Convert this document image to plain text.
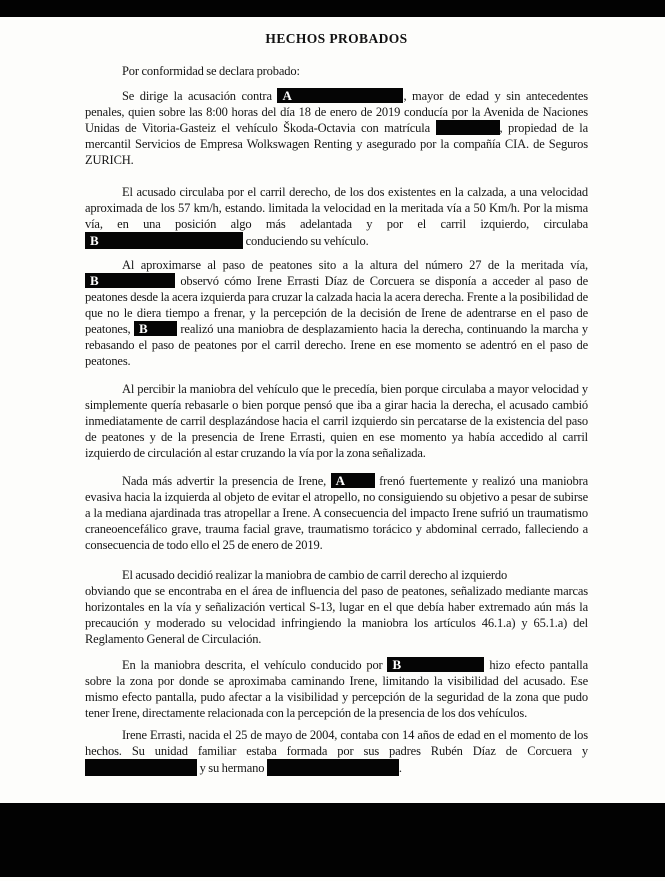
HECHOS PROBADOS

Por conformidad se declara probado:

Se dirige la acusación contra A	, mayor de edad y sin antecedentes penales, quien sobre las 8:00 horas del día 18 de enero de 2019 conducía por la Avenida de Naciones Unidas de Vitoria-Gasteiz el vehículo Škoda-Octavia con matrícula	, propiedad de la mercantil Servicios de Empresa Wolkswagen Renting y asegurado por la compañía CIA. de Seguros ZURICH.

El acusado circulaba por el carril derecho, de los dos existentes en la calzada, a una velocidad aproximada de los 57 km/h, estando. limitada la velocidad en la meritada vía a 50 Km/h. Por la misma vía, en una posición algo más adelantada y por el carril izquierdo, circulaba B	conduciendo su vehículo.

Al aproximarse al paso de peatones sito a la altura del número 27 de la meritada vía, B	observó cómo Irene Errasti Díaz de Corcuera se disponía a acceder al paso de peatones desde la acera izquierda para cruzar la calzada hacia la acera derecha. Frente a la posibilidad de que no le diera tiempo a frenar, y la percepción de la decisión de Irene de adentrarse en el paso de peatones, B realizó una maniobra de desplazamiento hacia la derecha, continuando la marcha y rebasando el paso de peatones por el carril derecho. Irene en ese momento se adentró en el paso de peatones.

Al percibir la maniobra del vehículo que le precedía, bien porque circulaba a mayor velocidad y simplemente quería rebasarle o bien porque pensó que iba a girar hacia la derecha, el acusado cambió inmediatamente de carril desplazándose hacia el carril izquierdo sin percatarse de la existencia del paso de peatones y de la presencia de Irene Errasti, quien en ese momento ya había accedido al carril izquierdo de circulación al estar cruzando la vía por la zona señalizada.

Nada más advertir la presencia de Irene, A frenó fuertemente y realizó una maniobra evasiva hacia la izquierda al objeto de evitar el atropello, no consiguiendo su objetivo a pesar de subirse a la mediana ajardinada tras atropellar a Irene. A consecuencia del impacto Irene sufrió un traumatismo craneoencefálico grave, trauma facial grave, traumatismo torácico y abdominal cerrado, falleciendo a consecuencia de todo ello el 25 de enero de 2019.

El acusado decidió realizar la maniobra de cambio de carril derecho al izquierdo
obviando que se encontraba en el área de influencia del paso de peatones, señalizado mediante marcas horizontales en la vía y señalización vertical S-13, lugar en el que debía haber extremado aún más la precaución y moderado su velocidad infringiendo la maniobra los artículos 46.1.a) y 65.1.a) del Reglamento General de Circulación.

En la maniobra descrita, el vehículo conducido por B	hizo efecto pantalla sobre la zona por donde se aproximaba caminando Irene, limitando la visibilidad del acusado. Ese mismo efecto pantalla, pudo afectar a la visibilidad y percepción de la seguridad de la zona que pudo tener Irene, directamente relacionada con la percepción de la presencia de los dos vehículos.

Irene Errasti, nacida el 25 de mayo de 2004, contaba con 14 años de edad en el momento de los hechos. Su unidad familiar estaba formada por sus padres Rubén Díaz de Corcuera y  y su hermano	.
